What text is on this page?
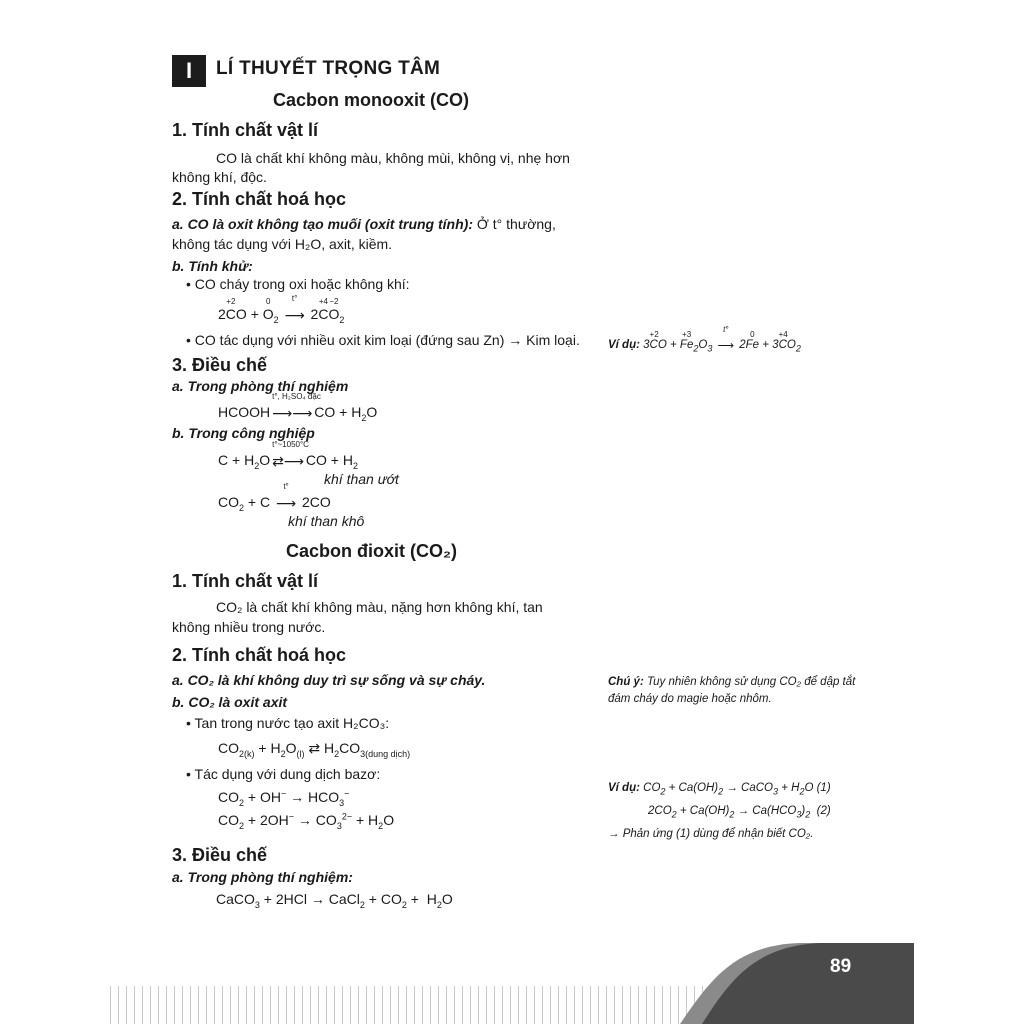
I	LÍ THUYẾT TRỌNG TÂM
Cacbon monooxit (CO)
1. Tính chất vật lí
CO là chất khí không màu, không mùi, không vị, nhẹ hơn
không khí, độc.
2. Tính chất hoá học
a. CO là oxit không tạo muối (oxit trung tính): Ở t° thường,
không tác dụng với H₂O, axit, kiềm.
b. Tính khử:
• CO cháy trong oxi hoặc không khí:
2C
+2
O + O
0
$_2$
t°
⟶ 2C
+4
O
−2
$_2$
• CO tác dụng với nhiều oxit kim loại (đứng sau Zn) → Kim loại. Ví dụ: 3C
+2
O + Fe
+3
$_2O_3$
t°
⟶ 2Fe
0
+ 3C
+4
$O_2$
3. Điều chế
a. Trong phòng thí nghiệm
HCOOH
t°, H₂SO₄ đặc
⟶⟶ CO + $H_2O$
b. Trong công nghiệp
$C + H_2O$
t°~1050°C
⇄⟶ CO + $H_2$
khí than ướt
$CO_2 + C$
t°
⟶ 2CO
khí than khô
Cacbon đioxit (CO₂)
1. Tính chất vật lí
CO₂ là chất khí không màu, nặng hơn không khí, tan
không nhiều trong nước.
2. Tính chất hoá học
a. CO₂ là khí không duy trì sự sống và sự cháy.
b. CO₂ là oxit axit
• Tan trong nước tạo axit H₂CO₃:
$CO_{2(k)} + H_2O_{(l)}$ ⇄ $H_2CO_{3(dung dịch)}$
• Tác dụng với dung dịch bazơ:
$CO_2 + OH^- \to HCO_3^-$
$CO_2 + 2OH^- \to CO_3^{2-} + H_2O$
3. Điều chế
a. Trong phòng thí nghiệm:
CaCO$_3$ + 2HCl → CaCl$_2$ + $CO_2 + H_2O$
Chú ý: Tuy nhiên không sử dụng CO₂ để dập tắt
đám cháy do magie hoặc nhôm.
Ví dụ: $CO_2 + Ca(OH)_2$ → CaCO$_3$ + $H_2O$ (1)
$2CO_2 + Ca(OH)_2 \to Ca(HCO_3)_2$  (2)
→ Phản ứng (1) dùng để nhận biết CO₂.
89
